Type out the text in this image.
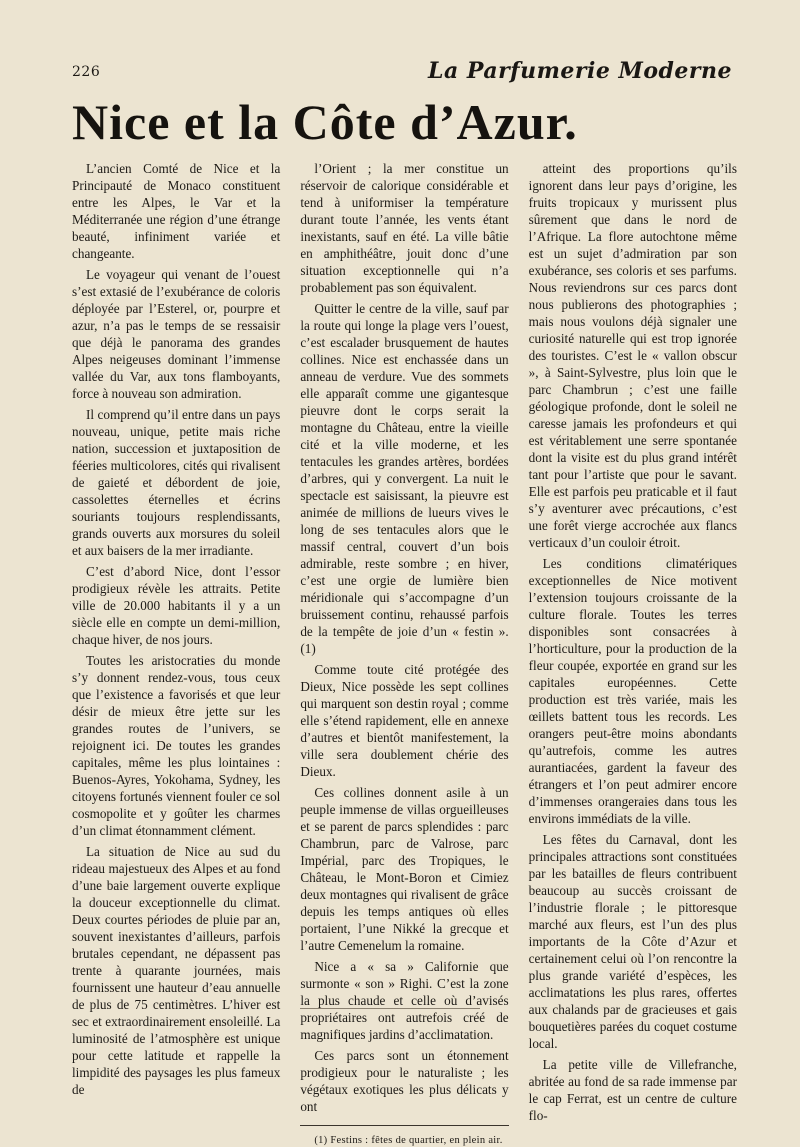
226	La Parfumerie Moderne
Nice et la Côte d’Azur.

L’ancien Comté de Nice et la Principauté de Monaco constituent entre les Alpes, le Var et la Méditerranée une région d’une étrange beauté, infiniment variée et changeante.

Le voyageur qui venant de l’ouest s’est extasié de l’exubérance de coloris déployée par l’Esterel, or, pourpre et azur, n’a pas le temps de se ressaisir que déjà le panorama des grandes Alpes neigeuses dominant l’immense vallée du Var, aux tons flamboyants, force à nouveau son admiration.

Il comprend qu’il entre dans un pays nouveau, unique, petite mais riche nation, succession et juxtaposition de féeries multicolores, cités qui rivalisent de gaieté et débordent de joie, cassolettes éternelles et écrins souriants toujours resplendissants, grands ouverts aux morsures du soleil et aux baisers de la mer irradiante.

C’est d’abord Nice, dont l’essor prodigieux révèle les attraits. Petite ville de 20.000 habitants il y a un siècle elle en compte un demi-million, chaque hiver, de nos jours.

Toutes les aristocraties du monde s’y donnent rendez-vous, tous ceux que l’existence a favorisés et que leur désir de mieux être jette sur les grandes routes de l’univers, se rejoignent ici. De toutes les grandes capitales, même les plus lointaines : Buenos-Ayres, Yokohama, Sydney, les citoyens fortunés viennent fouler ce sol cosmopolite et y goûter les charmes d’un climat étonnamment clément.

La situation de Nice au sud du rideau majestueux des Alpes et au fond d’une baie largement ouverte explique la douceur exceptionnelle du climat. Deux courtes périodes de pluie par an, souvent inexistantes d’ailleurs, parfois brutales cependant, ne dépassent pas trente à quarante journées, mais fournissent une hauteur d’eau annuelle de plus de 75 centimètres. L’hiver est sec et extraordinairement ensoleillé. La luminosité de l’atmosphère est unique pour cette latitude et rappelle la limpidité des paysages les plus fameux de

l’Orient ; la mer constitue un réservoir de calorique considérable et tend à uniformiser la température durant toute l’année, les vents étant inexistants, sauf en été. La ville bâtie en amphithéâtre, jouit donc d’une situation exceptionnelle qui n’a probablement pas son équivalent.

Quitter le centre de la ville, sauf par la route qui longe la plage vers l’ouest, c’est escalader brusquement de hautes collines. Nice est enchassée dans un anneau de verdure. Vue des sommets elle apparaît comme une gigantesque pieuvre dont le corps serait la montagne du Château, entre la vieille cité et la ville moderne, et les tentacules les grandes artères, bordées d’arbres, qui y convergent. La nuit le spectacle est saisissant, la pieuvre est animée de millions de lueurs vives le long de ses tentacules alors que le massif central, couvert d’un bois admirable, reste sombre ; en hiver, c’est une orgie de lumière bien méridionale qui s’accompagne d’un bruissement continu, rehaussé parfois de la tempête de joie d’un « festin ». (1)

Comme toute cité protégée des Dieux, Nice possède les sept collines qui marquent son destin royal ; comme elle s’étend rapidement, elle en annexe d’autres et bientôt manifestement, la ville sera doublement chérie des Dieux.

Ces collines donnent asile à un peuple immense de villas orgueilleuses et se parent de parcs splendides : parc Chambrun, parc de Valrose, parc Impérial, parc des Tropiques, le Château, le Mont-Boron et Cimiez deux montagnes qui rivalisent de grâce depuis les temps antiques où elles portaient, l’une Nikké la grecque et l’autre Cemenelum la romaine.

Nice a « sa » Californie que surmonte « son » Righi. C’est la zone la plus chaude et celle où d’avisés propriétaires ont autrefois créé de magnifiques jardins d’acclimatation.

Ces parcs sont un étonnement prodigieux pour le naturaliste ; les végétaux exotiques les plus délicats y ont

(1) Festins : fêtes de quartier, en plein air.

atteint des proportions qu’ils ignorent dans leur pays d’origine, les fruits tropicaux y murissent plus sûrement que dans le nord de l’Afrique. La flore autochtone même est un sujet d’admiration par son exubérance, ses coloris et ses parfums. Nous reviendrons sur ces parcs dont nous publierons des photographies ; mais nous voulons déjà signaler une curiosité naturelle qui est trop ignorée des touristes. C’est le « vallon obscur », à Saint-Sylvestre, plus loin que le parc Chambrun ; c’est une faille géologique profonde, dont le soleil ne caresse jamais les profondeurs et qui est véritablement une serre spontanée dont la visite est du plus grand intérêt tant pour l’artiste que pour le savant. Elle est parfois peu praticable et il faut s’y aventurer avec précautions, c’est une forêt vierge accrochée aux flancs verticaux d’un couloir étroit.

Les conditions climatériques exceptionnelles de Nice motivent l’extension toujours croissante de la culture florale. Toutes les terres disponibles sont consacrées à l’horticulture, pour la production de la fleur coupée, exportée en grand sur les capitales européennes. Cette production est très variée, mais les œillets battent tous les records. Les orangers peut-être moins abondants qu’autrefois, comme les autres aurantiacées, gardent la faveur des étrangers et l’on peut admirer encore d’immenses orangeraies dans tous les environs immédiats de la ville.

Les fêtes du Carnaval, dont les principales attractions sont constituées par les batailles de fleurs contribuent beaucoup au succès croissant de l’industrie florale ; le pittoresque marché aux fleurs, est l’un des plus importants de la Côte d’Azur et certainement celui où l’on rencontre la plus grande variété d’espèces, les acclimatations les plus rares, offertes aux chalands par de gracieuses et gais bouquetières parées du coquet costume local.

La petite ville de Villefranche, abritée au fond de sa rade immense par le cap Ferrat, est un centre de culture flo-
